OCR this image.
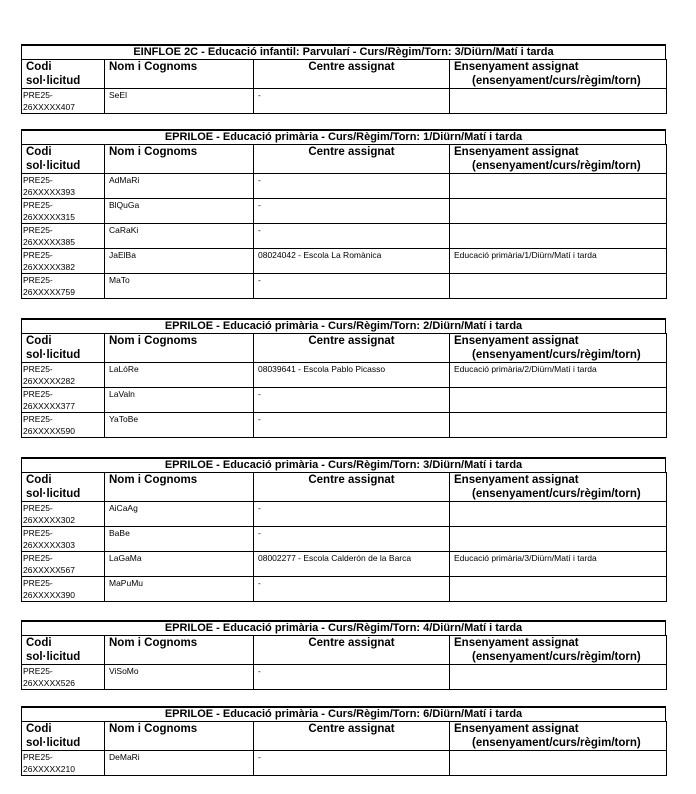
EINFLOE 2C - Educació infantil: Parvularí - Curs/Règim/Torn: 3/Diürn/Matí i tarda
Codi
sol·licitud	Nom i Cognoms	Centre assignat	Ensenyament assignat
(ensenyament/curs/règim/torn)

PRE25-
26XXXXX407	SeEl	-	
EPRILOE - Educació primària - Curs/Règim/Torn: 1/Diürn/Matí i tarda
Codi
sol·licitud	Nom i Cognoms	Centre assignat	Ensenyament assignat
(ensenyament/curs/règim/torn)

PRE25-
26XXXXX393	AdMaRi	-	
PRE25-
26XXXXX315	BlQuGa	-	
PRE25-
26XXXXX385	CaRaKi	-	
PRE25-
26XXXXX382	JaElBa	08024042 - Escola La Romànica	Educació primària/1/Diürn/Matí i tarda
PRE25-
26XXXXX759	MaTo	-	
EPRILOE - Educació primària - Curs/Règim/Torn: 2/Diürn/Matí i tarda
Codi
sol·licitud	Nom i Cognoms	Centre assignat	Ensenyament assignat
(ensenyament/curs/règim/torn)

PRE25-
26XXXXX282	LaLóRe	08039641 - Escola Pablo Picasso	Educació primària/2/Diürn/Matí i tarda
PRE25-
26XXXXX377	LaValn	-	
PRE25-
26XXXXX590	YaToBe	-	
EPRILOE - Educació primària - Curs/Règim/Torn: 3/Diürn/Matí i tarda
Codi
sol·licitud	Nom i Cognoms	Centre assignat	Ensenyament assignat
(ensenyament/curs/règim/torn)

PRE25-
26XXXXX302	AiCaAg	-	
PRE25-
26XXXXX303	BaBe	-	
PRE25-
26XXXXX567	LaGaMa	08002277 - Escola Calderón de la Barca	Educació primària/3/Diürn/Matí i tarda
PRE25-
26XXXXX390	MaPuMu	-	
EPRILOE - Educació primària - Curs/Règim/Torn: 4/Diürn/Matí i tarda
Codi
sol·licitud	Nom i Cognoms	Centre assignat	Ensenyament assignat
(ensenyament/curs/règim/torn)

PRE25-
26XXXXX526	ViSoMo	-	
EPRILOE - Educació primària - Curs/Règim/Torn: 6/Diürn/Matí i tarda
Codi
sol·licitud	Nom i Cognoms	Centre assignat	Ensenyament assignat
(ensenyament/curs/règim/torn)

PRE25-
26XXXXX210	DeMaRi	-	
